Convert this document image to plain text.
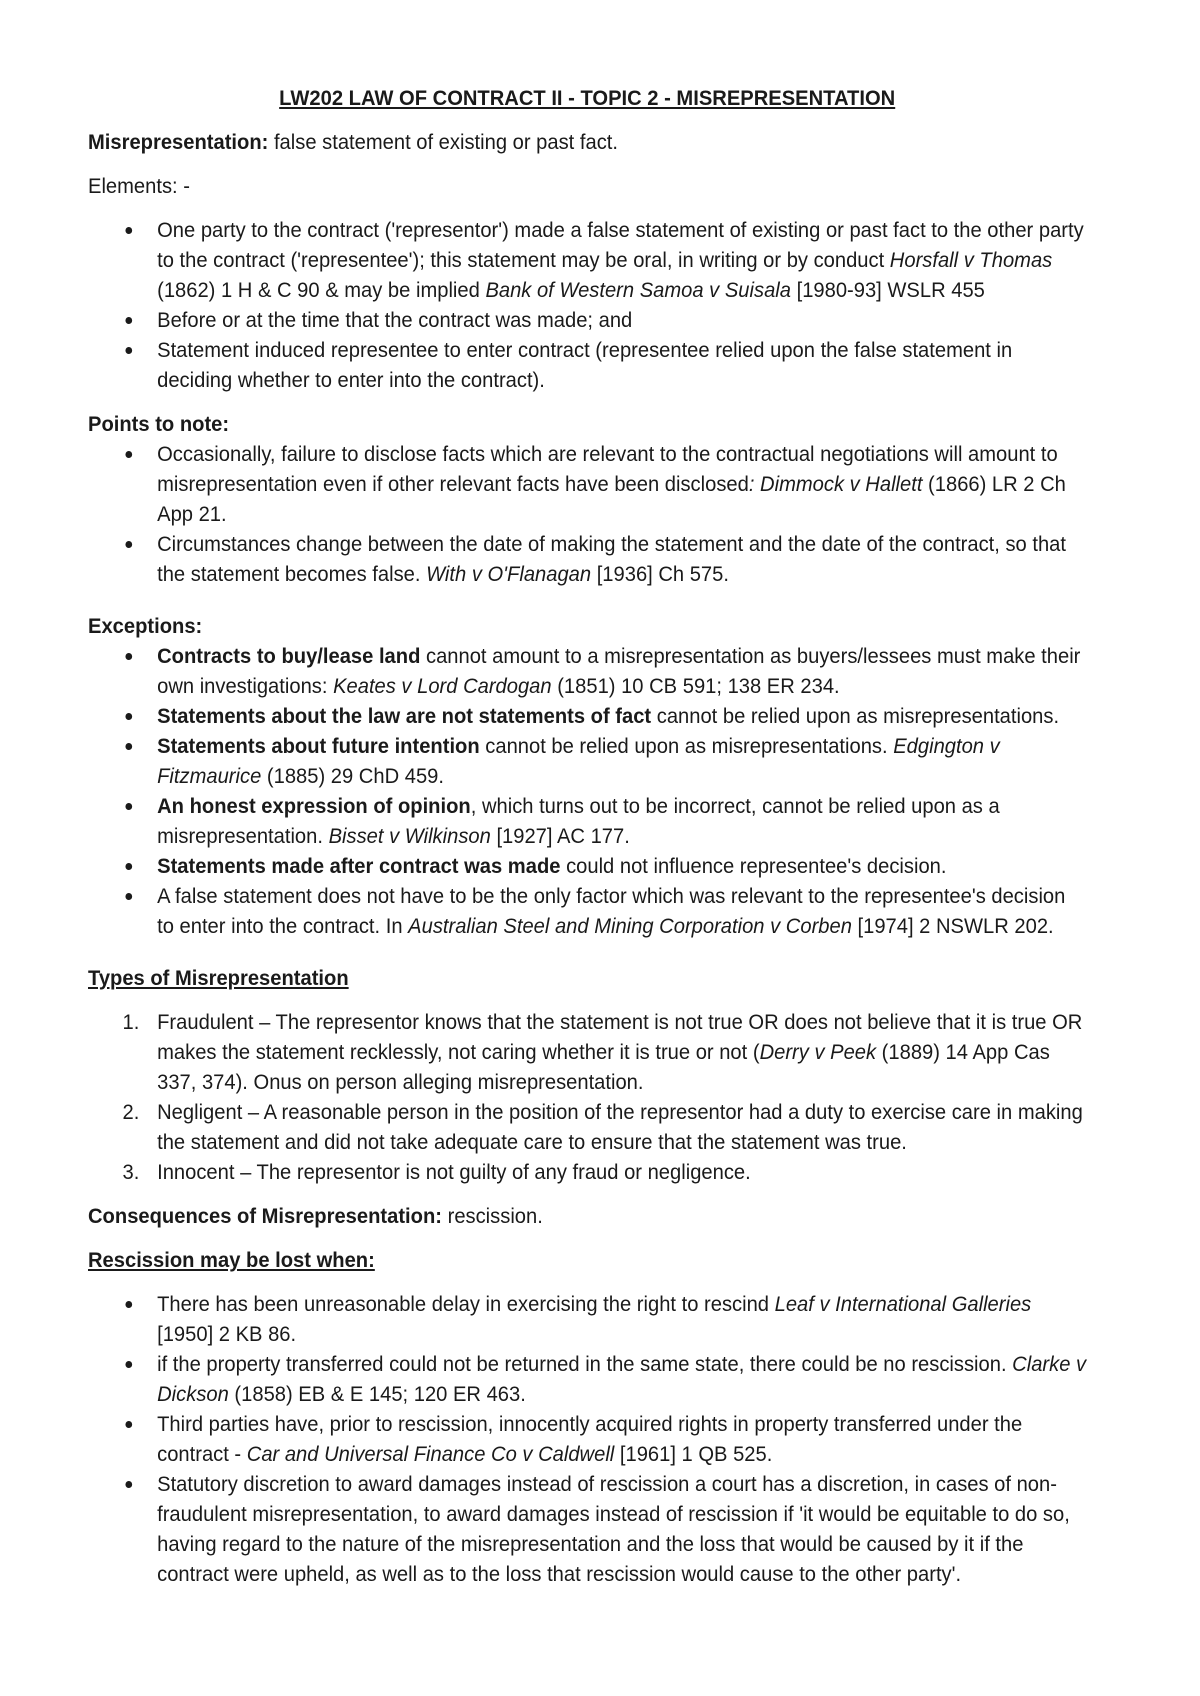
LW202 LAW OF CONTRACT II - TOPIC 2 - MISREPRESENTATION

Misrepresentation: false statement of existing or past fact.

Elements: -

One party to the contract ('representor') made a false statement of existing or past fact to the other party to the contract ('representee'); this statement may be oral, in writing or by conduct Horsfall v Thomas (1862) 1 H & C 90 & may be implied Bank of Western Samoa v Suisala [1980-93] WSLR 455
Before or at the time that the contract was made; and
Statement induced representee to enter contract (representee relied upon the false statement in deciding whether to enter into the contract).

Points to note:

Occasionally, failure to disclose facts which are relevant to the contractual negotiations will amount to misrepresentation even if other relevant facts have been disclosed: Dimmock v Hallett (1866) LR 2 Ch App 21.
Circumstances change between the date of making the statement and the date of the contract, so that the statement becomes false. With v O'Flanagan [1936] Ch 575.

Exceptions:

Contracts to buy/lease land cannot amount to a misrepresentation as buyers/lessees must make their own investigations: Keates v Lord Cardogan (1851) 10 CB 591; 138 ER 234.
Statements about the law are not statements of fact cannot be relied upon as misrepresentations.
Statements about future intention cannot be relied upon as misrepresentations. Edgington v Fitzmaurice (1885) 29 ChD 459.
An honest expression of opinion, which turns out to be incorrect, cannot be relied upon as a misrepresentation. Bisset v Wilkinson [1927] AC 177.
Statements made after contract was made could not influence representee's decision.
A false statement does not have to be the only factor which was relevant to the representee's decision to enter into the contract. In Australian Steel and Mining Corporation v Corben [1974] 2 NSWLR 202.

Types of Misrepresentation

1. Fraudulent – The representor knows that the statement is not true OR does not believe that it is true OR makes the statement recklessly, not caring whether it is true or not (Derry v Peek (1889) 14 App Cas 337, 374). Onus on person alleging misrepresentation.
2. Negligent – A reasonable person in the position of the representor had a duty to exercise care in making the statement and did not take adequate care to ensure that the statement was true.
3. Innocent – The representor is not guilty of any fraud or negligence.

Consequences of Misrepresentation: rescission.

Rescission may be lost when:

There has been unreasonable delay in exercising the right to rescind Leaf v International Galleries [1950] 2 KB 86.
if the property transferred could not be returned in the same state, there could be no rescission. Clarke v Dickson (1858) EB & E 145; 120 ER 463.
Third parties have, prior to rescission, innocently acquired rights in property transferred under the contract - Car and Universal Finance Co v Caldwell [1961] 1 QB 525.
Statutory discretion to award damages instead of rescission a court has a discretion, in cases of non-fraudulent misrepresentation, to award damages instead of rescission if 'it would be equitable to do so, having regard to the nature of the misrepresentation and the loss that would be caused by it if the contract were upheld, as well as to the loss that rescission would cause to the other party'.
